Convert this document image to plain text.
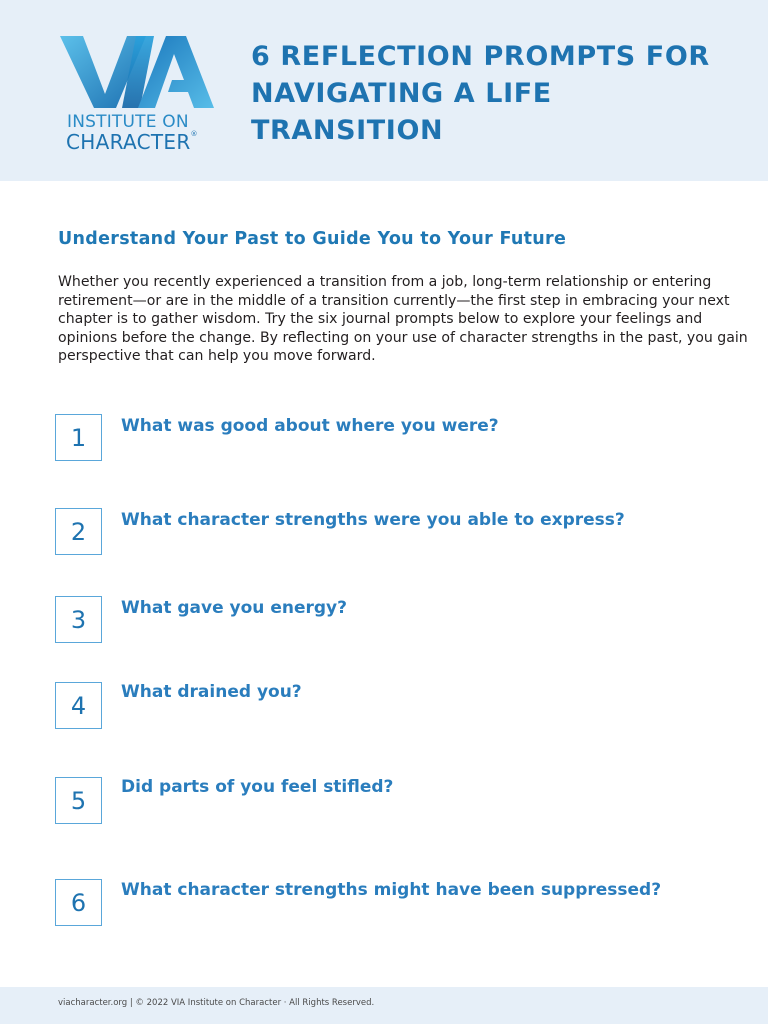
INSTITUTE ON
CHARACTER®
6 REFLECTION PROMPTS FOR NAVIGATING A LIFE TRANSITION
Understand Your Past to Guide You to Your Future

Whether you recently experienced a transition from a job, long-term relationship or entering retirement—or are in the middle of a transition currently—the first step in embracing your next chapter is to gather wisdom. Try the six journal prompts below to explore your feelings and opinions before the change. By reflecting on your use of character strengths in the past, you gain perspective that can help you move forward.

1	What was good about where you were?
2	What character strengths were you able to express?
3	What gave you energy?
4	What drained you?
5	Did parts of you feel stifled?
6	What character strengths might have been suppressed?
viacharacter.org | © 2022 VIA Institute on Character · All Rights Reserved.
